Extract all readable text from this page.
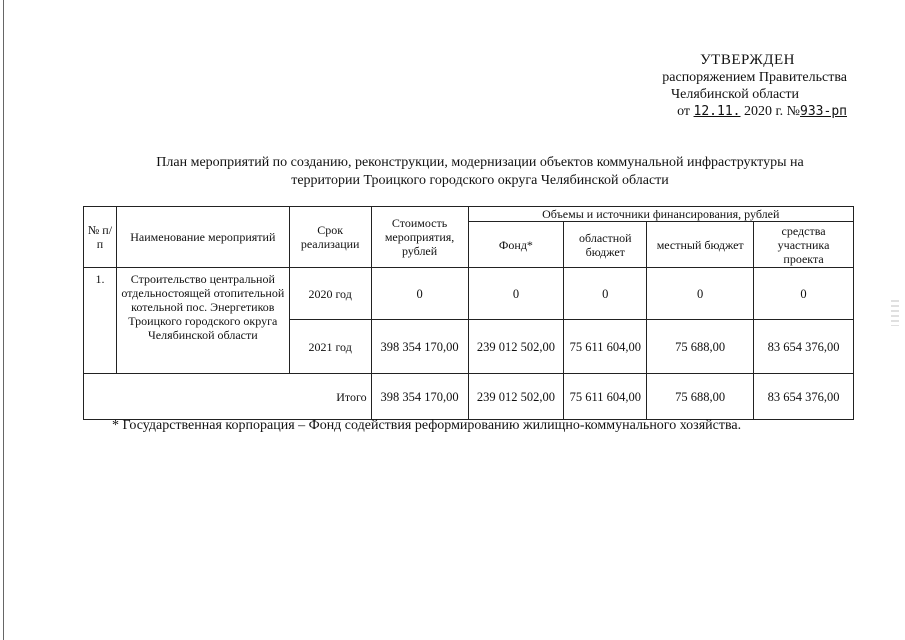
УТВЕРЖДЕН
распоряжением Правительства
Челябинской области
от 12.11. 2020 г. №933-рп
План мероприятий по созданию, реконструкции, модернизации объектов коммунальной инфраструктуры на
территории Троицкого городского округа Челябинской области
№ п/п	Наименование мероприятий	Срок реализации	Стоимость мероприятия, рублей	Объемы и источники финансирования, рублей			
				Фонд*	областной бюджет	местный бюджет	средства участника проекта
1.	Строительство центральной отдельностоящей отопительной котельной пос. Энергетиков Троицкого городского округа Челябинской области	2020 год	0	0	0	0	0
		2021 год	398 354 170,00	239 012 502,00	75 611 604,00	75 688,00	83 654 376,00
Итого			398 354 170,00	239 012 502,00	75 611 604,00	75 688,00	83 654 376,00
* Государственная корпорация – Фонд содействия реформированию жилищно-коммунального хозяйства.
